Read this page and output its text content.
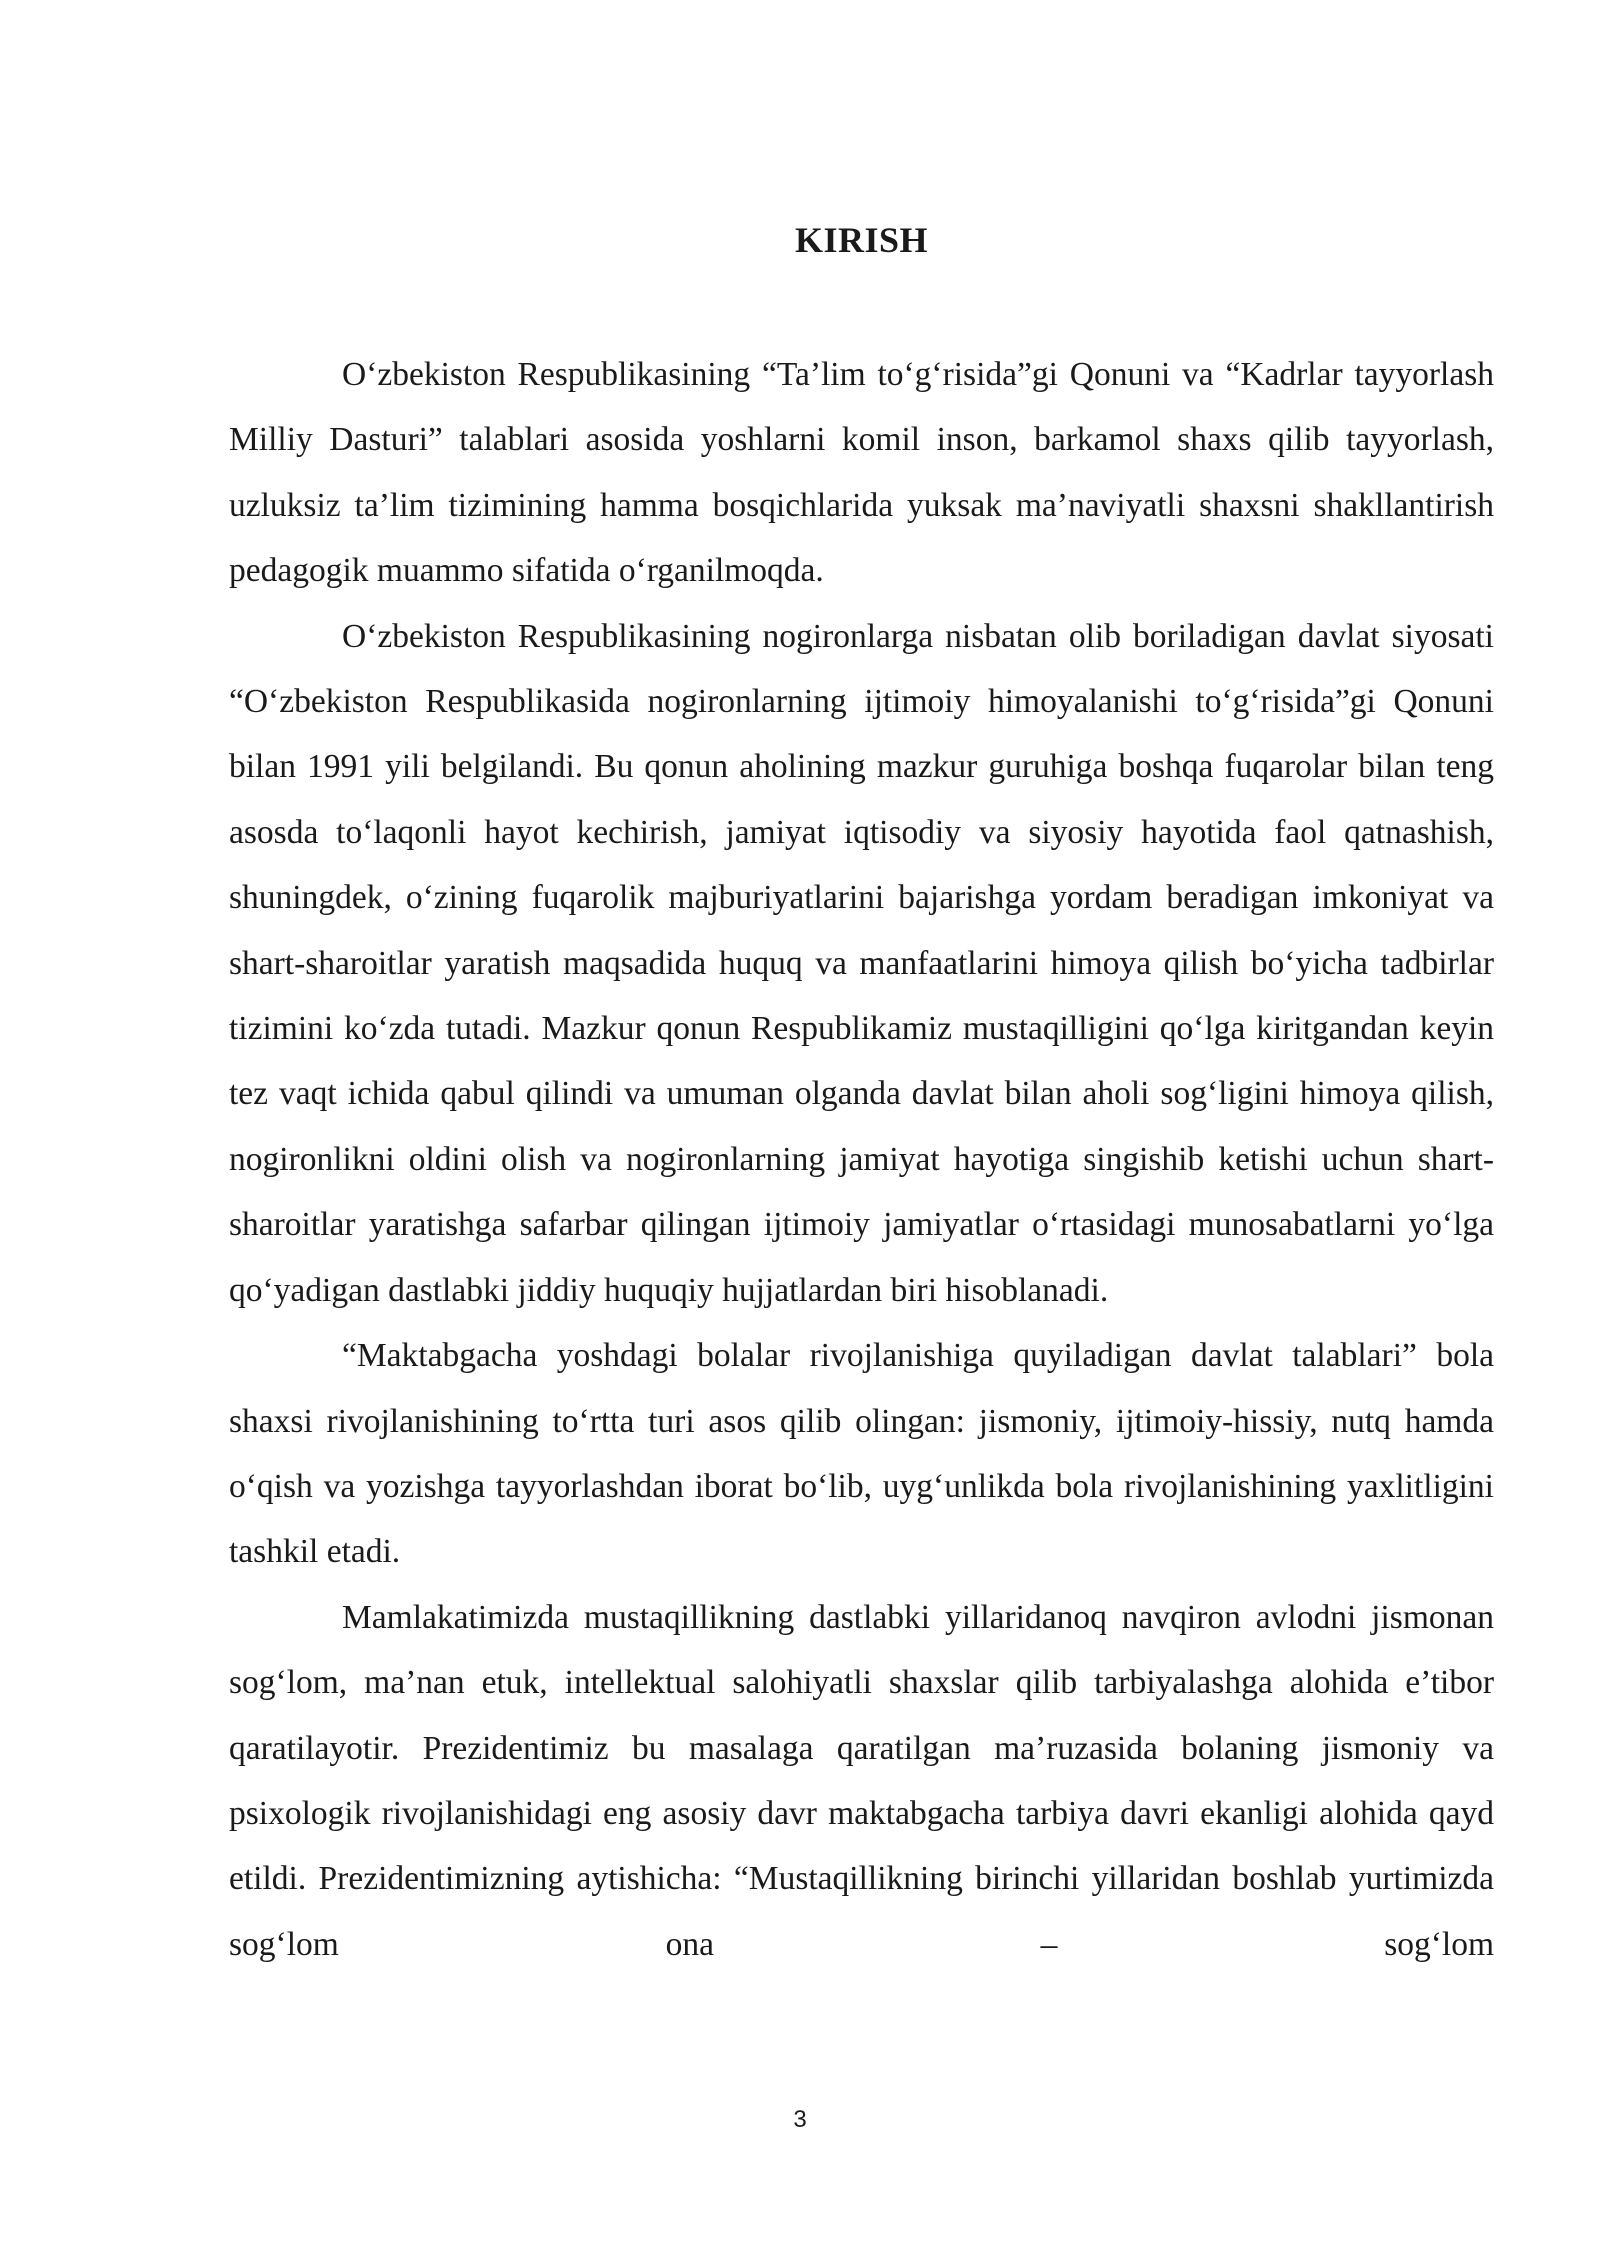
KIRISH

O‘zbekiston Respublikasining “Ta’lim to‘g‘risida”gi Qonuni va “Kadrlar tayyorlash Milliy Dasturi” talablari asosida yoshlarni komil inson, barkamol shaxs qilib tayyorlash, uzluksiz ta’lim tizimining hamma bosqichlarida yuksak ma’naviyatli shaxsni shakllantirish pedagogik muammo sifatida o‘rganilmoqda.

O‘zbekiston Respublikasining nogironlarga nisbatan olib boriladigan davlat siyosati “O‘zbekiston Respublikasida nogironlarning ijtimoiy himoyalanishi to‘g‘risida”gi Qonuni bilan 1991 yili belgilandi. Bu qonun aholining mazkur guruhiga boshqa fuqarolar bilan teng asosda to‘laqonli hayot kechirish, jamiyat iqtisodiy va siyosiy hayotida faol qatnashish, shuningdek, o‘zining fuqarolik majburiyatlarini bajarishga yordam beradigan imkoniyat va shart-sharoitlar yaratish maqsadida huquq va manfaatlarini himoya qilish bo‘yicha tadbirlar tizimini ko‘zda tutadi. Mazkur qonun Respublikamiz mustaqilligini qo‘lga kiritgandan keyin tez vaqt ichida qabul qilindi va umuman olganda davlat bilan aholi sog‘ligini himoya qilish, nogironlikni oldini olish va nogironlarning jamiyat hayotiga singishib ketishi uchun shart-sharoitlar yaratishga safarbar qilingan ijtimoiy jamiyatlar o‘rtasidagi munosabatlarni yo‘lga qo‘yadigan dastlabki jiddiy huquqiy hujjatlardan biri hisoblanadi.

“Maktabgacha yoshdagi bolalar rivojlanishiga quyiladigan davlat talablari” bola shaxsi rivojlanishining to‘rtta turi asos qilib olingan: jismoniy, ijtimoiy-hissiy, nutq hamda o‘qish va yozishga tayyorlashdan iborat bo‘lib, uyg‘unlikda bola rivojlanishining yaxlitligini tashkil etadi.

Mamlakatimizda mustaqillikning dastlabki yillaridanoq navqiron avlodni jismonan sog‘lom, ma’nan etuk, intellektual salohiyatli shaxslar qilib tarbiyalashga alohida e’tibor qaratilayotir. Prezidentimiz bu masalaga qaratilgan ma’ruzasida bolaning jismoniy va psixologik rivojlanishidagi eng asosiy davr maktabgacha tarbiya davri ekanligi alohida qayd etildi. Prezidentimizning aytishicha: “Mustaqillikning birinchi yillaridan boshlab yurtimizda sog‘lom ona – sog‘lom

3
